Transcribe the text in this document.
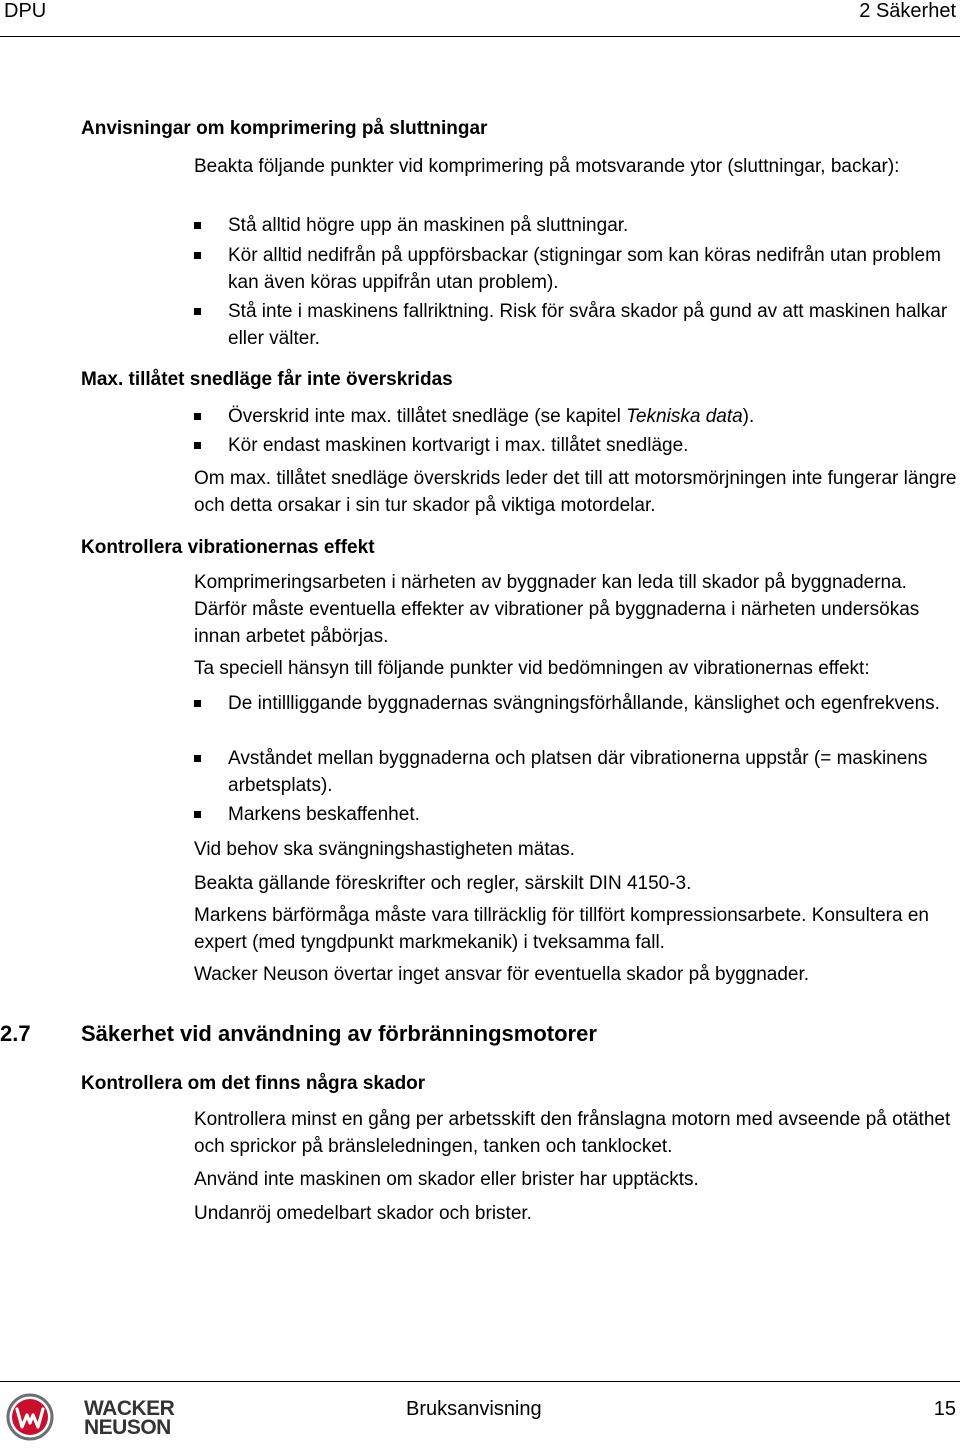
DPU	2 Säkerhet
Anvisningar om komprimering på sluttningar
Beakta följande punkter vid komprimering på motsvarande ytor (sluttningar, backar):
Stå alltid högre upp än maskinen på sluttningar.
Kör alltid nedifrån på uppförsbackar (stigningar som kan köras nedifrån utan problem kan även köras uppifrån utan problem).
Stå inte i maskinens fallriktning. Risk för svåra skador på gund av att maskinen halkar eller välter.
Max. tillåtet snedläge får inte överskridas
Överskrid inte max. tillåtet snedläge (se kapitel Tekniska data).
Kör endast maskinen kortvarigt i max. tillåtet snedläge.
Om max. tillåtet snedläge överskrids leder det till att motorsmörjningen inte fungerar längre och detta orsakar i sin tur skador på viktiga motordelar.
Kontrollera vibrationernas effekt
Komprimeringsarbeten i närheten av byggnader kan leda till skador på byggnaderna. Därför måste eventuella effekter av vibrationer på byggnaderna i närheten undersökas innan arbetet påbörjas.
Ta speciell hänsyn till följande punkter vid bedömningen av vibrationernas effekt:
De intillliggande byggnadernas svängningsförhållande, känslighet och egenfrekvens.
Avståndet mellan byggnaderna och platsen där vibrationerna uppstår (= maskinens arbetsplats).
Markens beskaffenhet.
Vid behov ska svängningshastigheten mätas.
Beakta gällande föreskrifter och regler, särskilt DIN 4150-3.
Markens bärförmåga måste vara tillräcklig för tillfört kompressionsarbete. Konsultera en expert (med tyngdpunkt markmekanik) i tveksamma fall.
Wacker Neuson övertar inget ansvar för eventuella skador på byggnader.
2.7 Säkerhet vid användning av förbränningsmotorer
Kontrollera om det finns några skador
Kontrollera minst en gång per arbetsskift den frånslagna motorn med avseende på otäthet och sprickor på bränsleledningen, tanken och tanklocket.
Använd inte maskinen om skador eller brister har upptäckts.
Undanröj omedelbart skador och brister.
WACKER
NEUSON
Bruksanvisning	15
